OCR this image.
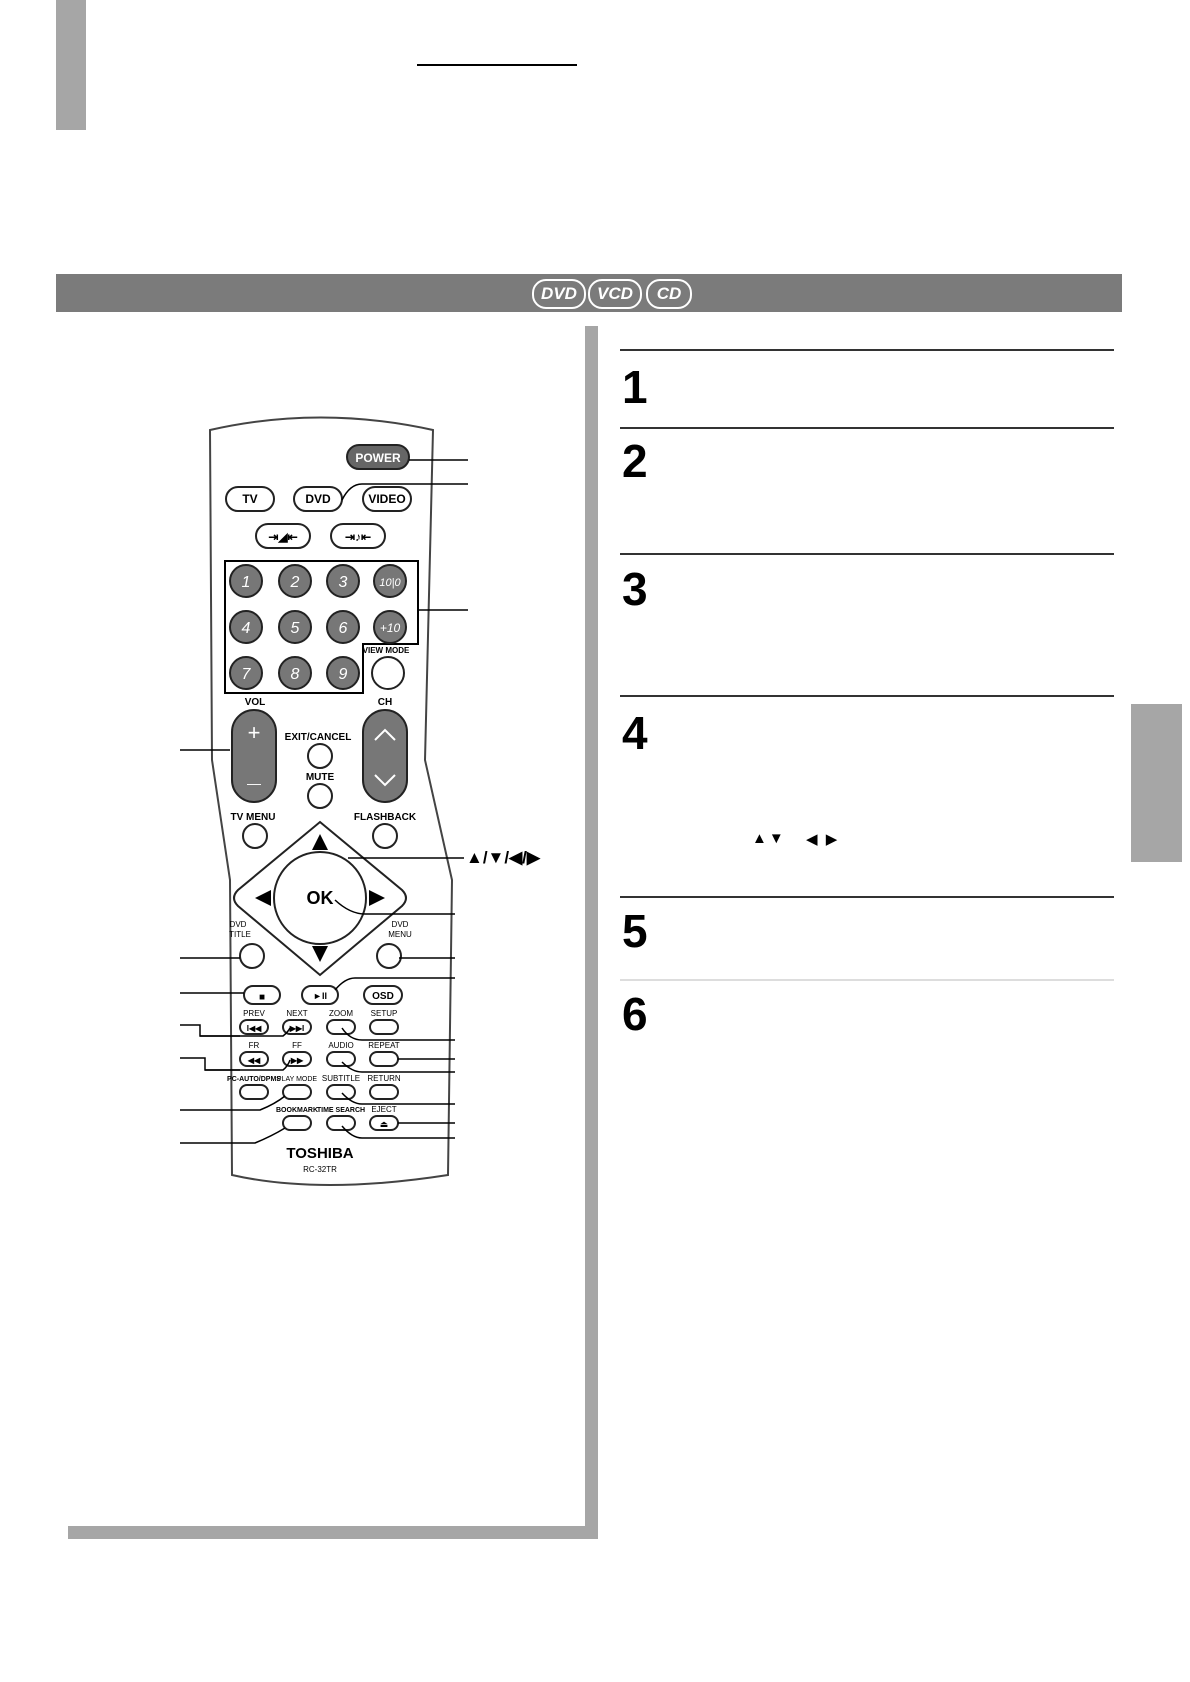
DVD	VCD	CD
1
2
3
4
▲▼ ◀ ▶
5
6
POWER
TV	DVD	VIDEO
⇥◢⇤	⇥♪⇤
1	2 3	10|0
4	5 6	+10
7	8 9
VIEW MODE
VOL
+
—
CH
EXIT/CANCEL
MUTE
TV MENU	FLASHBACK
OK
DVD
TITLE
DVD
MENU
■	►II	OSD
PREV	NEXT	ZOOM SETUP
I◀◀	▶▶I
FR	FF	AUDIO REPEAT
◀◀	▶▶
PC-AUTO/DPMS
PLAY MODE SUBTITLE RETURN
BOOKMARK
TIME SEARCH EJECT
⏏
TOSHIBA
RC-32TR
▲/▼/◀/▶
